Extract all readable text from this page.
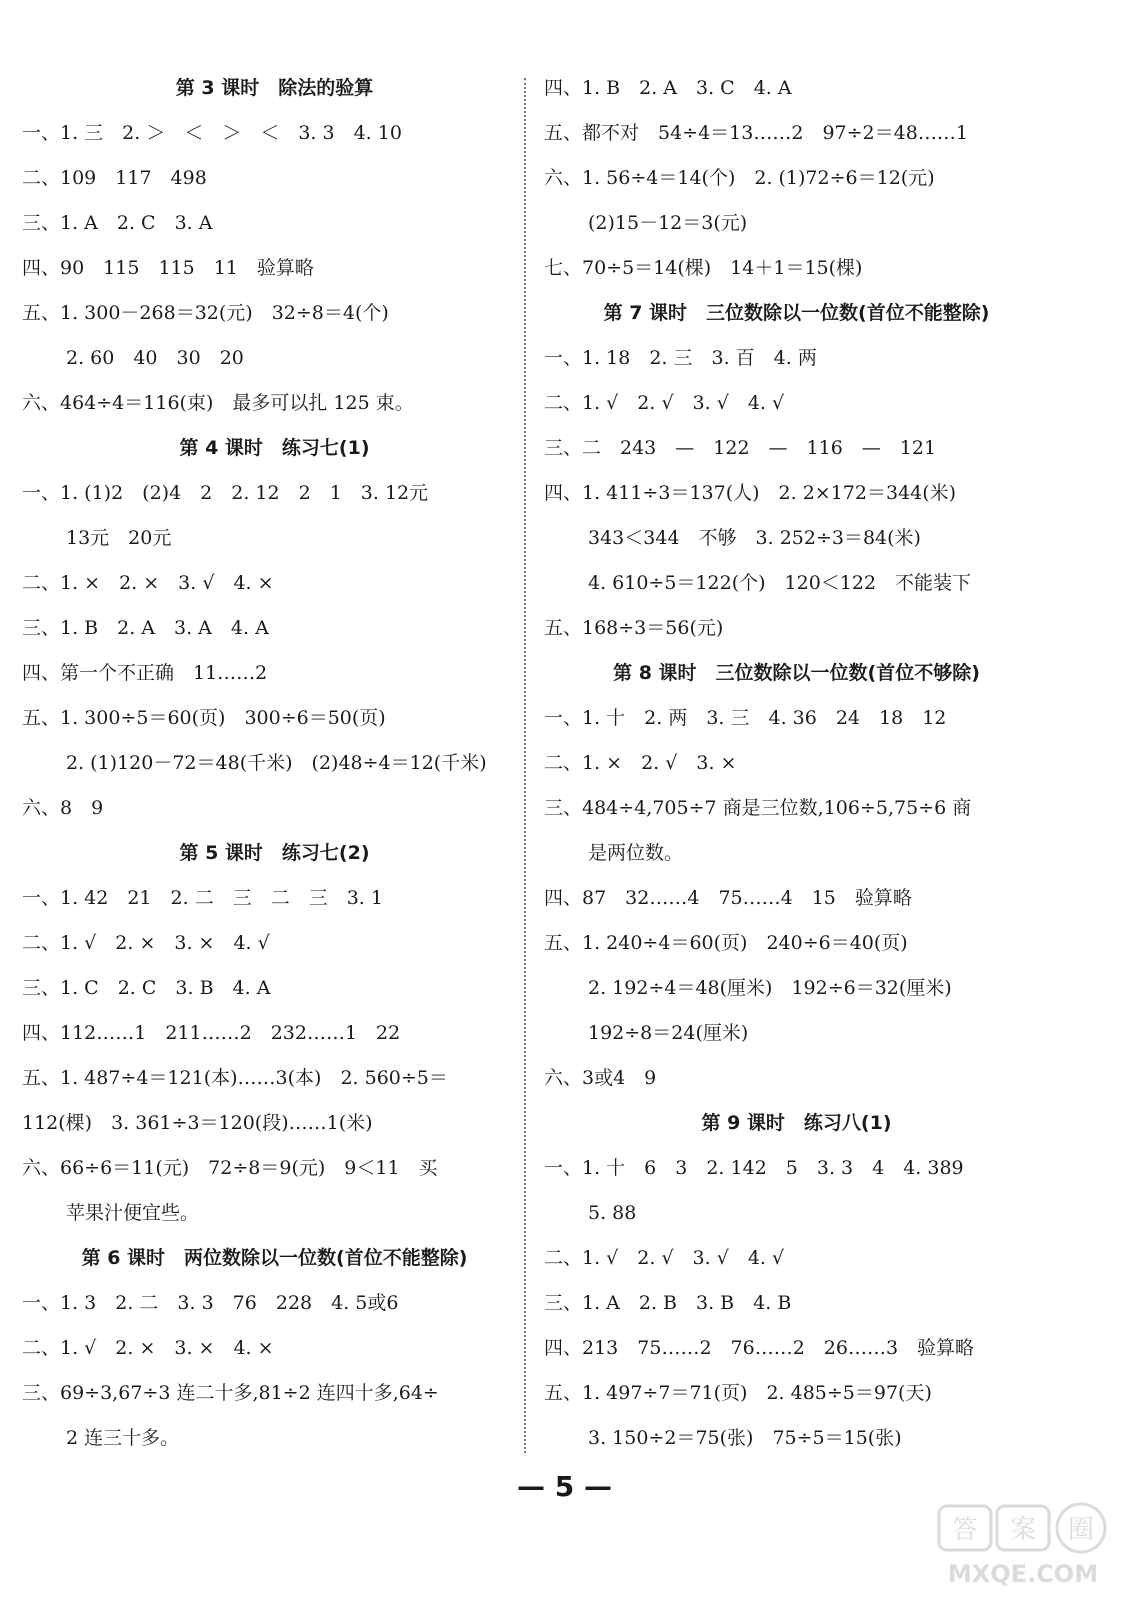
第 3 课时　除法的验算
一、1. 三　2. ＞　＜　＞　＜　3. 3　4. 10
二、109　117　498
三、1. A　2. C　3. A
四、90　115　115　11　验算略
五、1. 300－268＝32(元)　32÷8＝4(个)
2. 60　40　30　20
六、464÷4＝116(束)　最多可以扎 125 束。
第 4 课时　练习七(1)
一、1. (1)2　(2)4　2　2. 12　2　1　3. 12元
13元　20元
二、1. ×　2. ×　3. √　4. ×
三、1. B　2. A　3. A　4. A
四、第一个不正确　11……2
五、1. 300÷5＝60(页)　300÷6＝50(页)
2. (1)120－72＝48(千米)　(2)48÷4＝12(千米)
六、8　9
第 5 课时　练习七(2)
一、1. 42　21　2. 二　三　二　三　3. 1
二、1. √　2. ×　3. ×　4. √
三、1. C　2. C　3. B　4. A
四、112……1　211……2　232……1　22
五、1. 487÷4＝121(本)……3(本)　2. 560÷5＝
112(棵)　3. 361÷3＝120(段)……1(米)
六、66÷6＝11(元)　72÷8＝9(元)　9＜11　买
苹果汁便宜些。
第 6 课时　两位数除以一位数(首位不能整除)
一、1. 3　2. 二　3. 3　76　228　4. 5或6
二、1. √　2. ×　3. ×　4. ×
三、69÷3,67÷3 连二十多,81÷2 连四十多,64÷
2 连三十多。
四、1. B　2. A　3. C　4. A
五、都不对　54÷4＝13……2　97÷2＝48……1
六、1. 56÷4＝14(个)　2. (1)72÷6＝12(元)
(2)15－12＝3(元)
七、70÷5＝14(棵)　14＋1＝15(棵)
第 7 课时　三位数除以一位数(首位不能整除)
一、1. 18　2. 三　3. 百　4. 两
二、1. √　2. √　3. √　4. √
三、二　243　—　122　—　116　—　121
四、1. 411÷3＝137(人)　2. 2×172＝344(米)
343＜344　不够　3. 252÷3＝84(米)
4. 610÷5＝122(个)　120＜122　不能装下
五、168÷3＝56(元)
第 8 课时　三位数除以一位数(首位不够除)
一、1. 十　2. 两　3. 三　4. 36　24　18　12
二、1. ×　2. √　3. ×
三、484÷4,705÷7 商是三位数,106÷5,75÷6 商
是两位数。
四、87　32……4　75……4　15　验算略
五、1. 240÷4＝60(页)　240÷6＝40(页)
2. 192÷4＝48(厘米)　192÷6＝32(厘米)
192÷8＝24(厘米)
六、3或4　9
第 9 课时　练习八(1)
一、1. 十　6　3　2. 142　5　3. 3　4　4. 389
5. 88
二、1. √　2. √　3. √　4. √
三、1. A　2. B　3. B　4. B
四、213　75……2　76……2　26……3　验算略
五、1. 497÷7＝71(页)　2. 485÷5＝97(天)
3. 150÷2＝75(张)　75÷5＝15(张)
— 5 —
答 案 圈
MXQE.COM
